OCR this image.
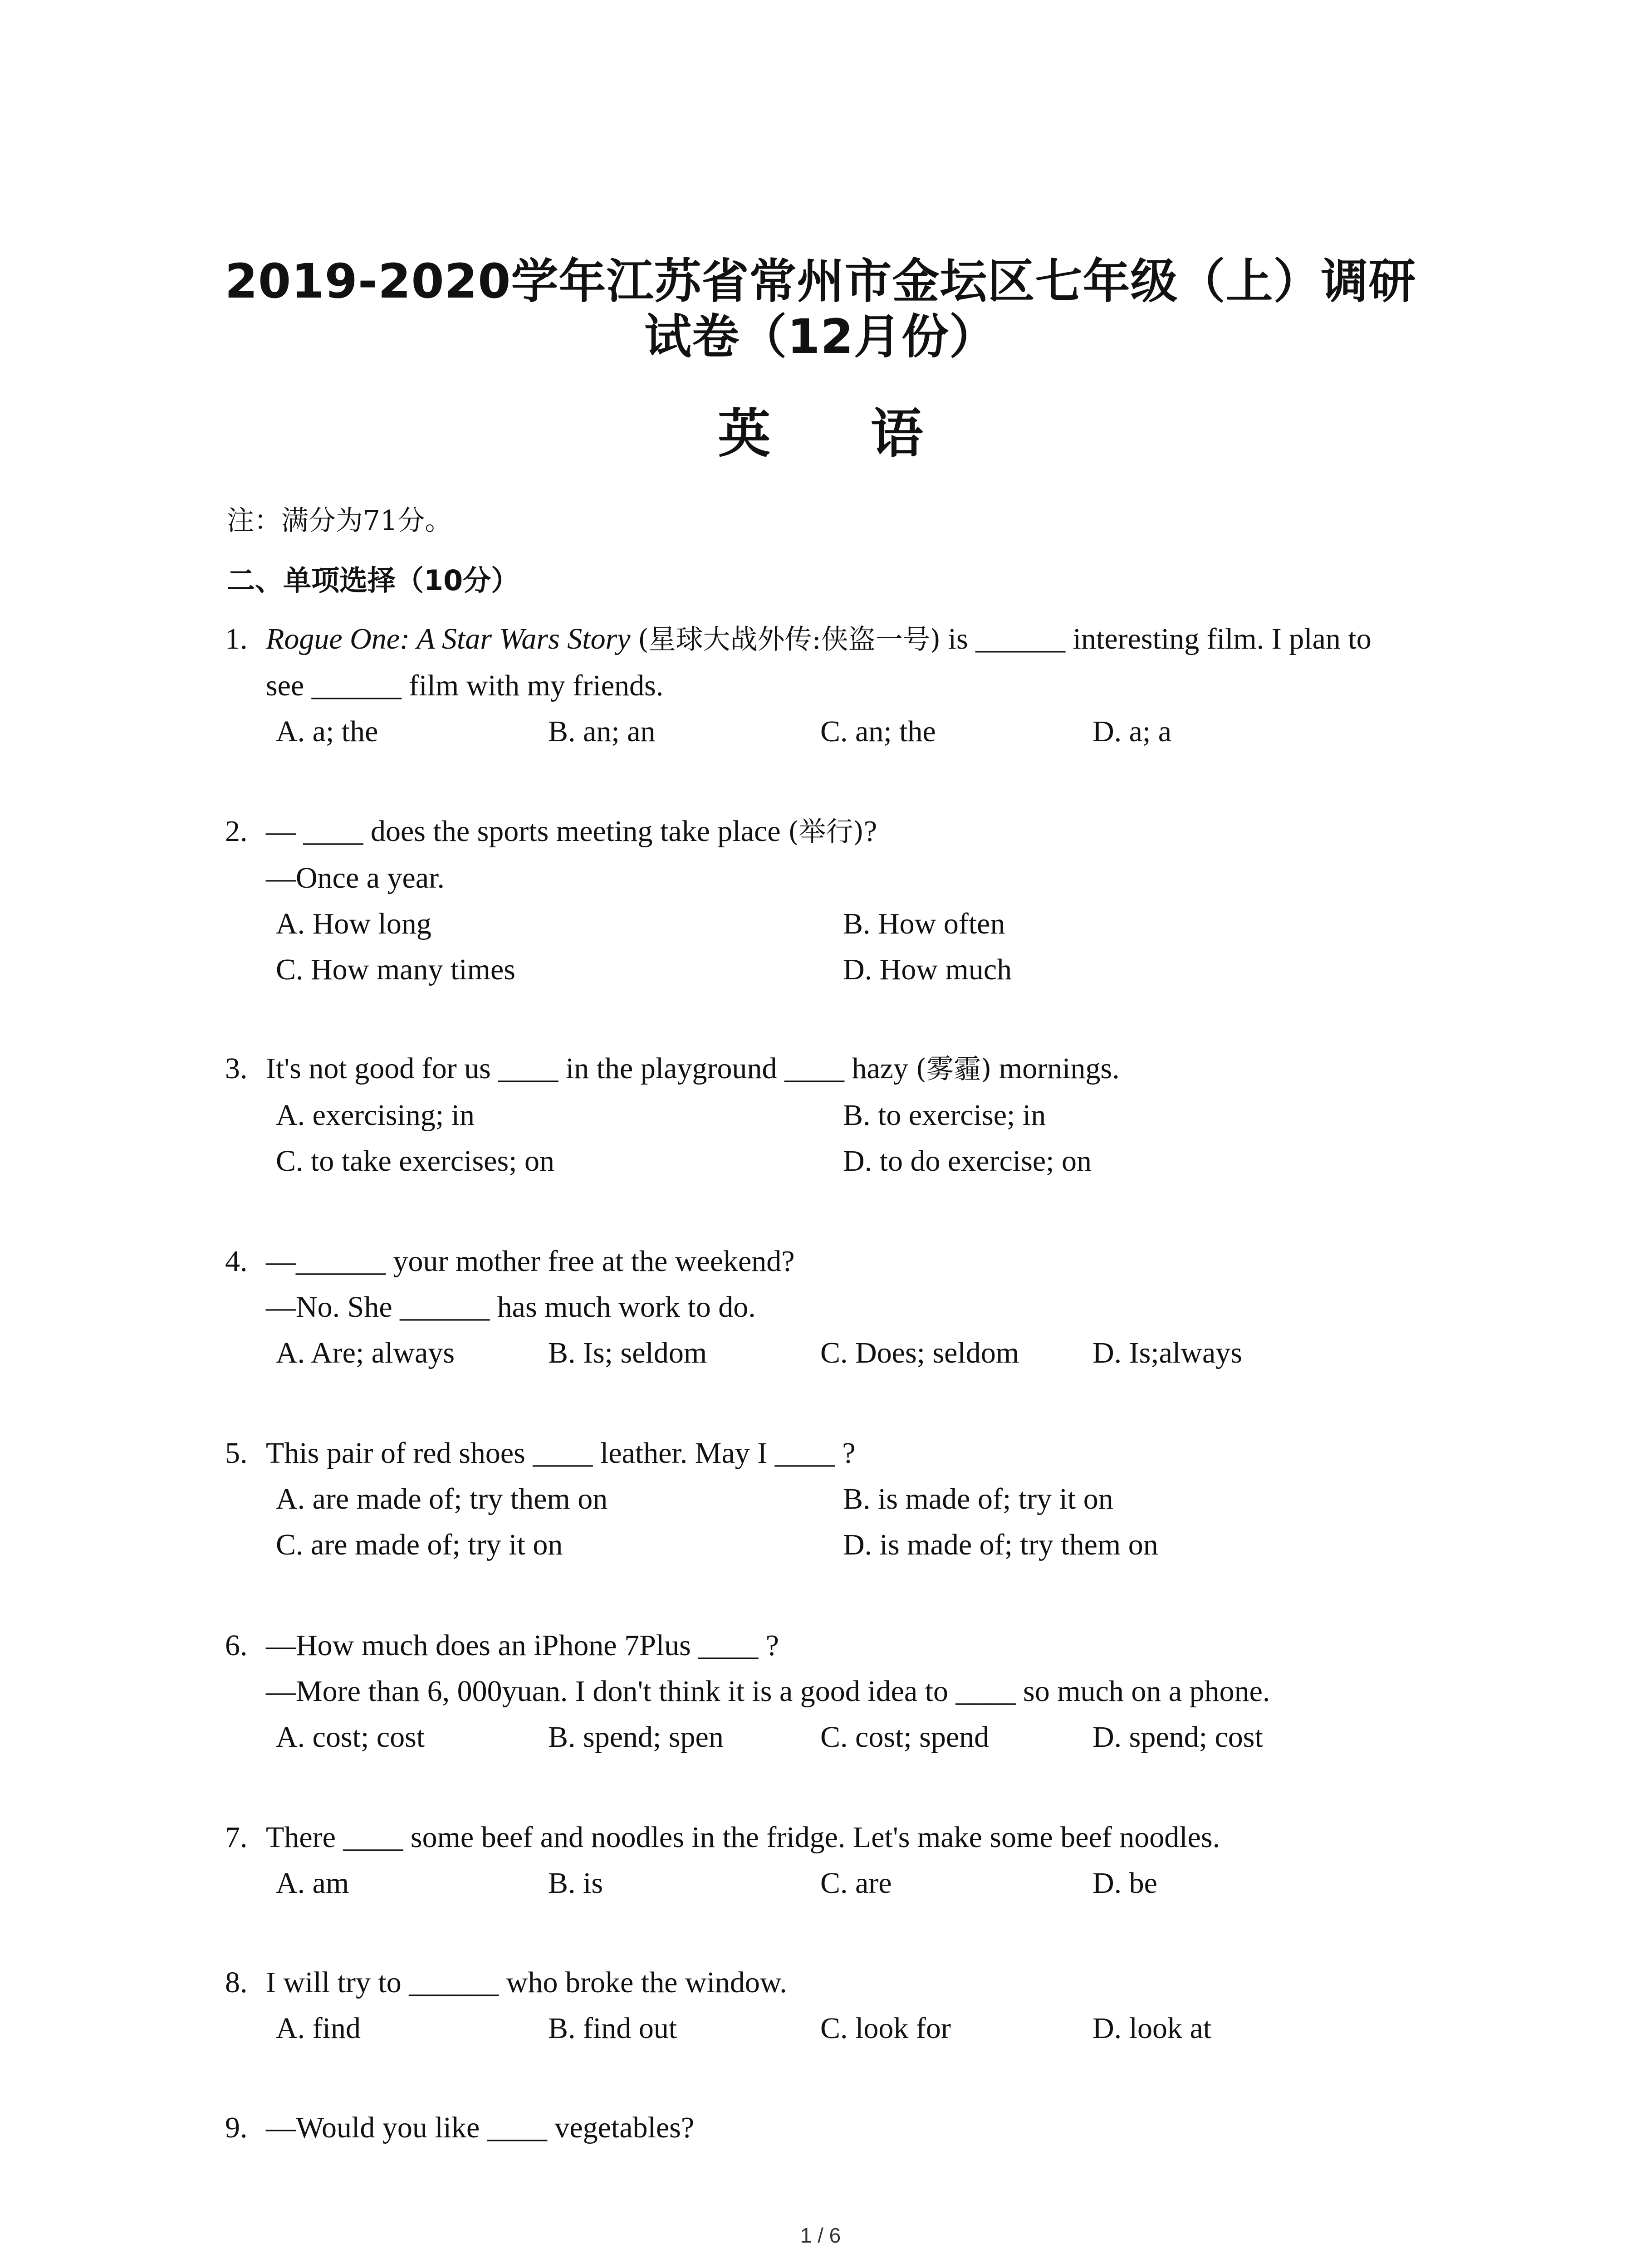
2019-2020学年江苏省常州市金坛区七年级（上）调研
试卷（12月份）
英 语
注：满分为71分。
二、单项选择（10分）
1. Rogue One: A Star Wars Story (星球大战外传:侠盗一号) is ______ interesting film. I plan to
see ______ film with my friends.
A. a; the	B. an; an	C. an; the	D. a; a
2. — ____ does the sports meeting take place (举行)?
—Once a year.
A. How long	B. How often
C. How many times	D. How much
3. It's not good for us ____ in the playground ____ hazy (雾霾) mornings.
A. exercising; in	B. to exercise; in
C. to take exercises; on	D. to do exercise; on
4. —______ your mother free at the weekend?
—No. She ______ has much work to do.
A. Are; always	B. Is; seldom	C. Does; seldom D. Is;always
5. This pair of red shoes ____ leather. May I ____ ?
A. are made of; try them on	B. is made of; try it on
C. are made of; try it on	D. is made of; try them on
6. —How much does an iPhone 7Plus ____ ?
—More than 6, 000yuan. I don't think it is a good idea to ____ so much on a phone.
A. cost; cost	B. spend; spen	C. cost; spend	D. spend; cost
7. There ____ some beef and noodles in the fridge. Let's make some beef noodles.
A. am	B. is	C. are	D. be
8. I will try to ______ who broke the window.
A. find	B. find out	C. look for	D. look at
9. —Would you like ____ vegetables?
1 / 6
